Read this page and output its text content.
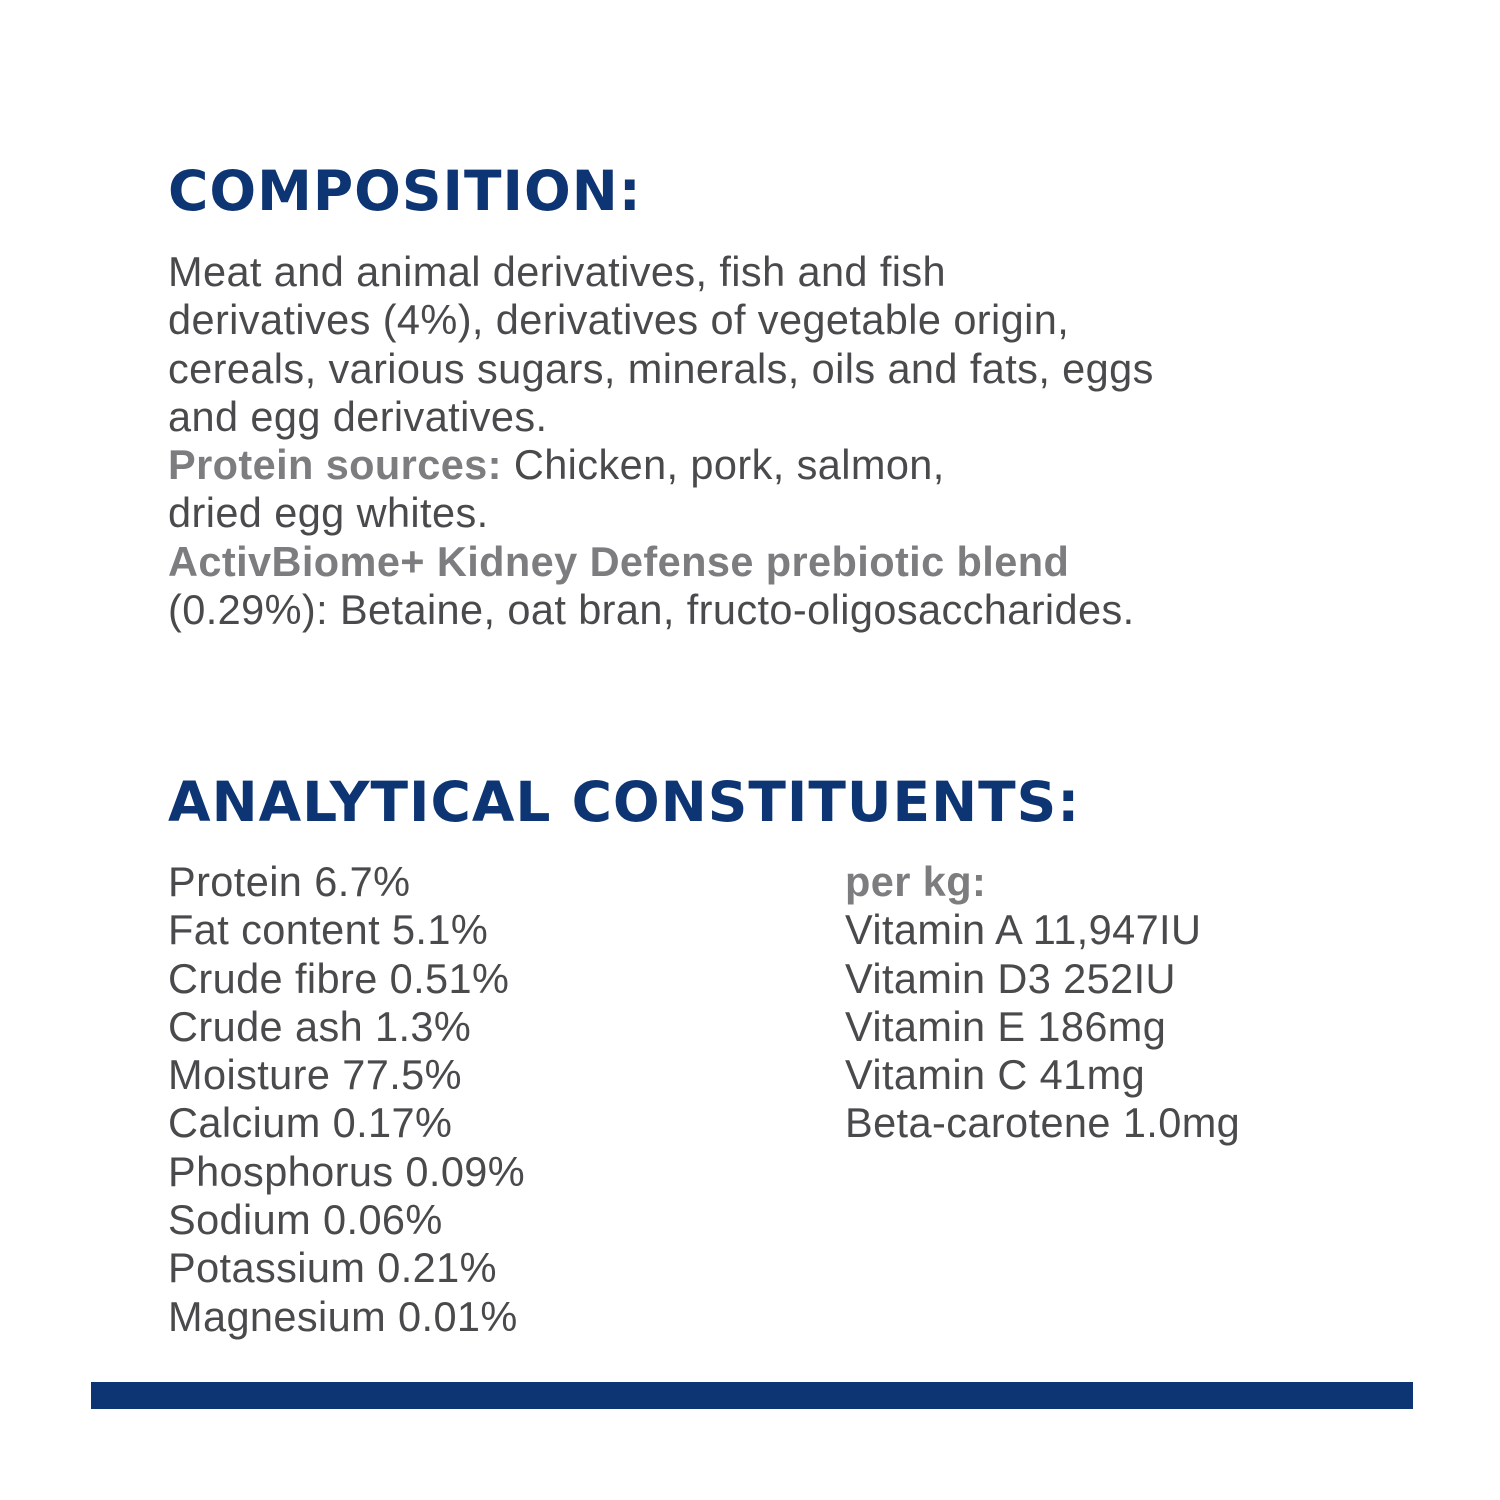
COMPOSITION:
Meat and animal derivatives, fish and fish
derivatives (4%), derivatives of vegetable origin,
cereals, various sugars, minerals, oils and fats, eggs
and egg derivatives.
Protein sources: Chicken, pork, salmon,
dried egg whites.
ActivBiome+ Kidney Defense prebiotic blend
(0.29%): Betaine, oat bran, fructo-oligosaccharides.
ANALYTICAL CONSTITUENTS:
Protein 6.7%
Fat content 5.1%
Crude fibre 0.51%
Crude ash 1.3%
Moisture 77.5%
Calcium 0.17%
Phosphorus 0.09%
Sodium 0.06%
Potassium 0.21%
Magnesium 0.01%
per kg:
Vitamin A 11,947IU
Vitamin D3 252IU
Vitamin E 186mg
Vitamin C 41mg
Beta-carotene 1.0mg
